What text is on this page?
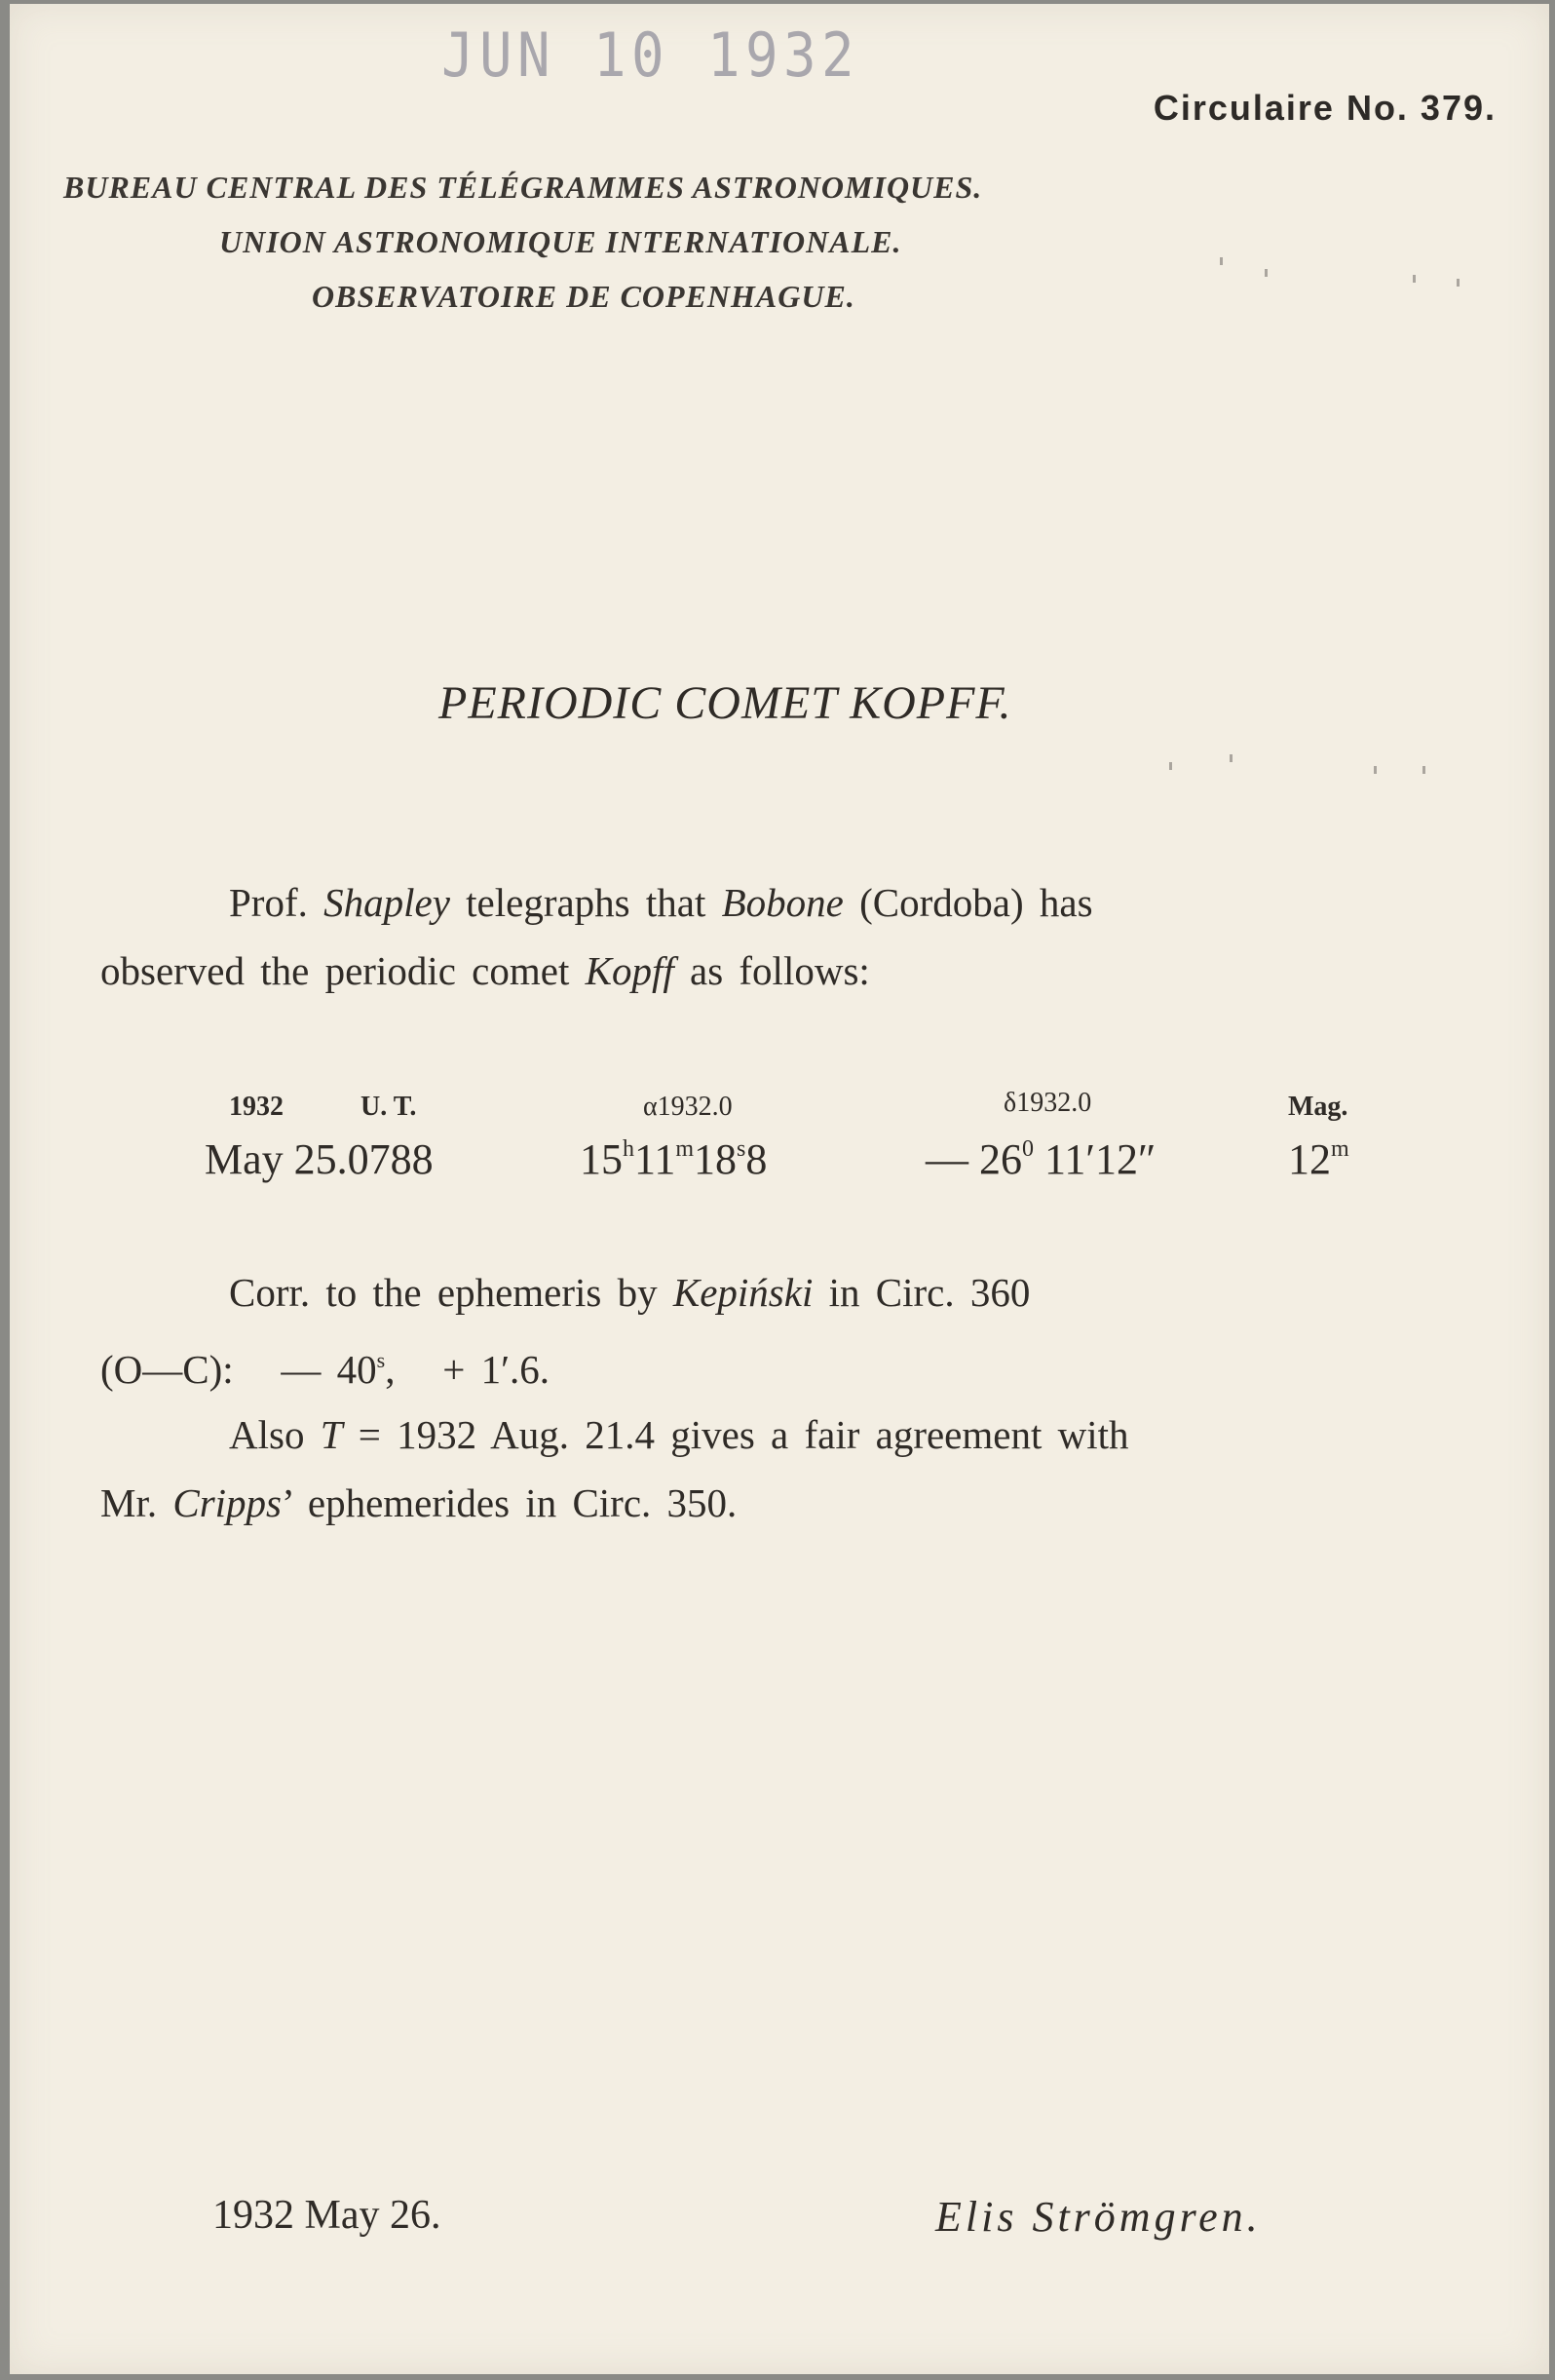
JUN 10 1932
Circulaire No. 379.
BUREAU CENTRAL DES TÉLÉGRAMMES ASTRONOMIQUES.
UNION ASTRONOMIQUE INTERNATIONALE.
OBSERVATOIRE DE COPENHAGUE.
PERIODIC COMET KOPFF.
Prof. Shapley telegraphs that Bobone (Cordoba) has
observed the periodic comet Kopff as follows:
1932	U. T.	α1932.0	δ1932.0	Mag.
May 25.0788	15$^h$11$^m$18$^s$8	— $26^0$ 11′12″	12$^m$
Corr. to the ephemeris by Kepiński in Circ. 360
(O—C): — $40^s$, + 1′.6.
Also T = 1932 Aug. 21.4 gives a fair agreement with
Mr. Cripps’ ephemerides in Circ. 350.
1932 May 26.	Elis Strömgren.
